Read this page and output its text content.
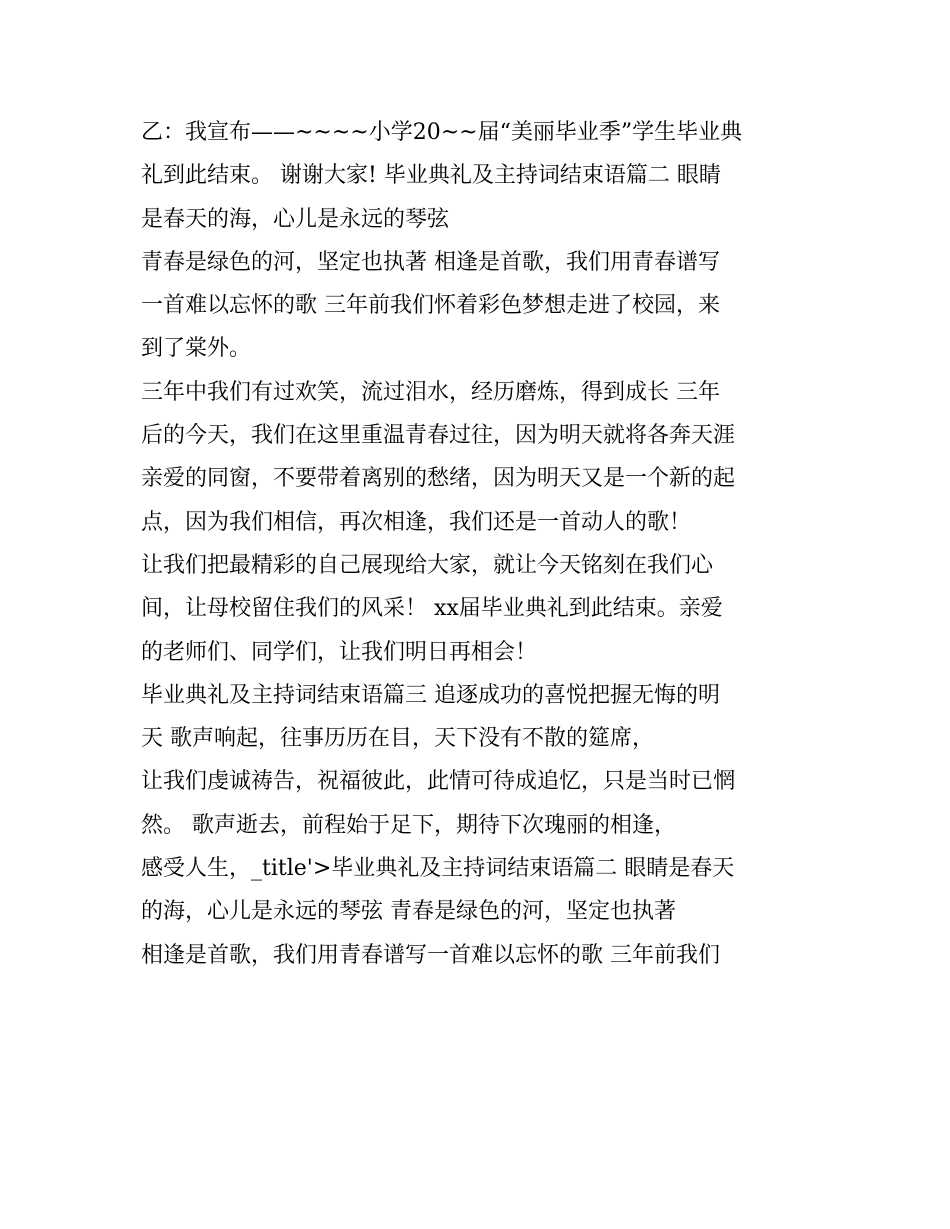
乙：我宣布——~~~~小学20~~届“美丽毕业季”学生毕业典
礼到此结束。 谢谢大家! 毕业典礼及主持词结束语篇二 眼睛
是春天的海，心儿是永远的琴弦
青春是绿色的河，坚定也执著 相逢是首歌，我们用青春谱写
一首难以忘怀的歌 三年前我们怀着彩色梦想走进了校园，来
到了棠外。
三年中我们有过欢笑，流过泪水，经历磨炼，得到成长 三年
后的今天，我们在这里重温青春过往，因为明天就将各奔天涯
亲爱的同窗，不要带着离别的愁绪，因为明天又是一个新的起
点，因为我们相信，再次相逢，我们还是一首动人的歌！
让我们把最精彩的自己展现给大家，就让今天铭刻在我们心
间，让母校留住我们的风采！ xx届毕业典礼到此结束。亲爱
的老师们、同学们，让我们明日再相会！
毕业典礼及主持词结束语篇三 追逐成功的喜悦把握无悔的明
天 歌声响起，往事历历在目，天下没有不散的筵席，
让我们虔诚祷告，祝福彼此，此情可待成追忆，只是当时已惘
然。 歌声逝去，前程始于足下，期待下次瑰丽的相逢，
感受人生，_title'>毕业典礼及主持词结束语篇二 眼睛是春天
的海，心儿是永远的琴弦 青春是绿色的河，坚定也执著
相逢是首歌，我们用青春谱写一首难以忘怀的歌 三年前我们
